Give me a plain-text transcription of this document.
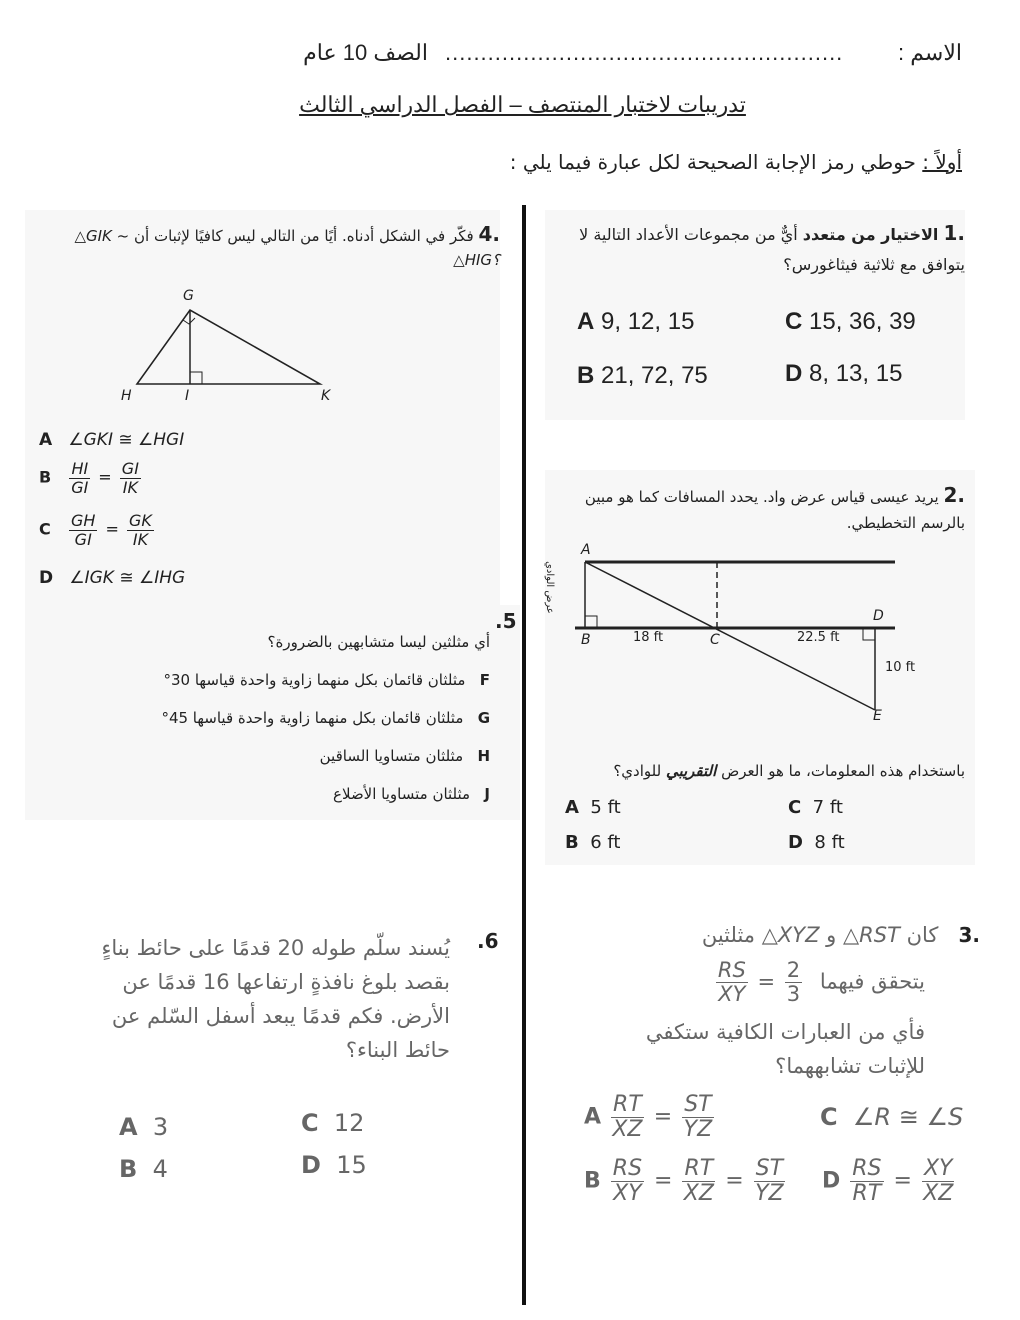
الاسم :
........................................................
الصف 10 عام
تدريبات لاختبار المنتصف – الفصل الدراسي الثالث
أولاً : حوطي رمز الإجابة الصحيحة لكل عبارة فيما يلي :
.1 الاختيار من متعدد أيٌّ من مجموعات الأعداد التالية لا يتوافق مع ثلاثية فيثاغورس؟
A 9, 12, 15	C 15, 36, 39
B 21, 72, 75	D 8, 13, 15
.2 يريد عيسى قياس عرض واد. يحدد المسافات كما هو مبين بالرسم التخطيطي.
A
B	C
D
E
18 ft	22.5 ft
10 ft
عرض الوادي
باستخدام هذه المعلومات، ما هو العرض التقريبي للوادي؟
A 5 ft	C 7 ft
B 6 ft	D 8 ft
.3   كان △RST و △XYZ مثلثين
يتحقق فيهما
$\frac{RS}{XY} = \frac{2}{3}$
فأي من العبارات الكافية ستكفي للإثبات تشابههما؟
A $\frac{RT}{XZ} = \frac{ST}{YZ}$	C ∠R ≅ ∠S
B $\frac{RS}{XY} = \frac{RT}{XZ} = \frac{ST}{YZ}$ D $\frac{RS}{RT} = \frac{XY}{XZ}$
.4 فكّر في الشكل أدناه. أيًا من التالي ليس كافيًا لإثبات أن △GIK ~ △HIG؟
G
H	I	K
A ∠GKI ≅ ∠HGI
B $\frac{HI}{GI} = \frac{GI}{IK}$
C $\frac{GH}{GI} = \frac{GK}{IK}$
D ∠IGK ≅ ∠IHG
.5
أي مثلثين ليسا متشابهين بالضرورة؟
F   مثلثان قائمان بكل منهما زاوية واحدة قياسها 30°
G   مثلثان قائمان بكل منهما زاوية واحدة قياسها 45°
H   مثلثان متساويا الساقين
J   مثلثان متساويا الأضلاع
.6
يُسند سلّم طوله 20 قدمًا على حائط بناءٍ بقصد بلوغ نافذةٍ ارتفاعها 16 قدمًا عن الأرض. فكم قدمًا يبعد أسفل السّلم عن حائط البناء؟
A 3	C 12
B 4	D 15
